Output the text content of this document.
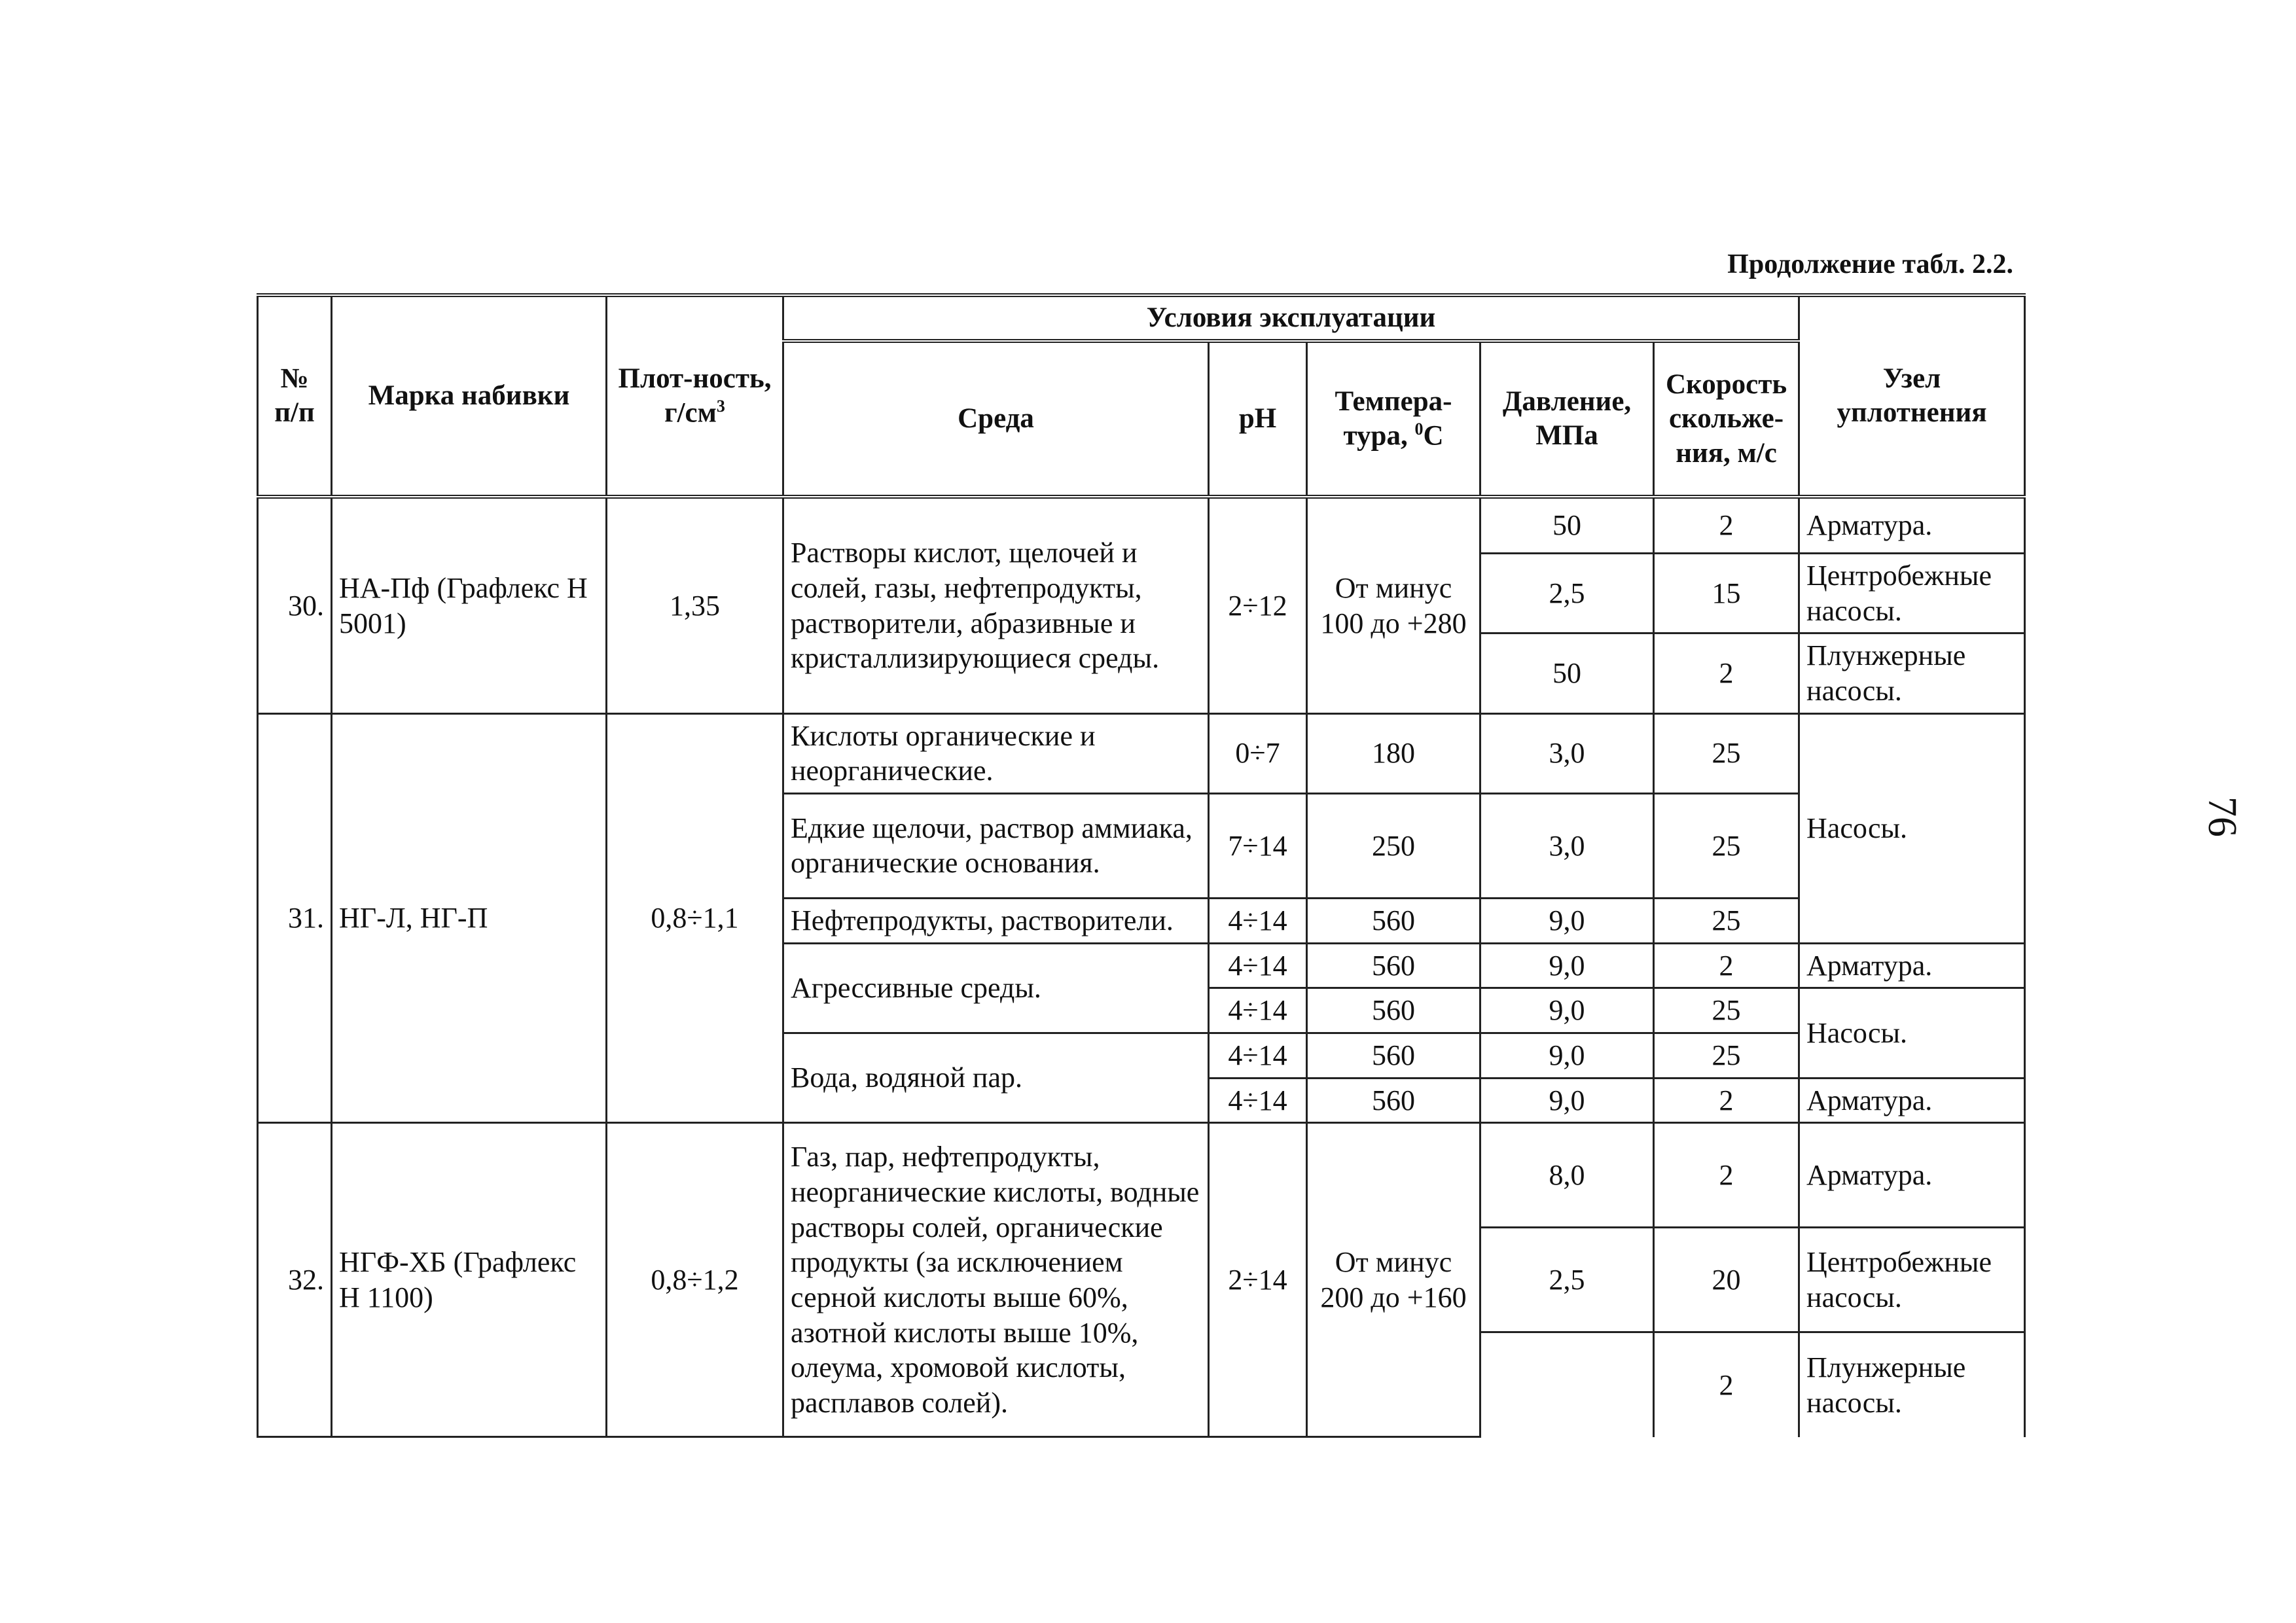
Продолжение табл. 2.2.
76
№ п/п	Марка набивки	Плот-ность, $г/см^3$	Условия эксплуатации					Узел уплотнения
			Среда	pH	Темпера-тура, $^0$С	Давление, МПа	Скорость скольже-ния, м/с	
30.	НА-Пф (Графлекс Н 5001)	1,35	Растворы кислот, щелочей и солей, газы, нефтепродукты, растворители, абразивные и кристаллизирующиеся среды.	2÷12	От минус 100 до +280	50	2	Арматура.
						2,5	15	Центробежные насосы.
						50	2	Плунжерные насосы.
31.	НГ-Л, НГ-П	0,8÷1,1	Кислоты органические и неорганические.	0÷7	180	3,0	25	Насосы.
			Едкие щелочи, раствор аммиака, органические основания.	7÷14	250	3,0	25	
			Нефтепродукты, растворители.	4÷14	560	9,0	25	
			Агрессивные среды.	4÷14	560	9,0	2	Арматура.
				4÷14	560	9,0	25	Насосы.
			Вода, водяной пар.	4÷14	560	9,0	25	
				4÷14	560	9,0	2	Арматура.
32.	НГФ-ХБ (Графлекс Н 1100)	0,8÷1,2	Газ, пар, нефтепродукты, неорганические кислоты, водные растворы солей, органические продукты (за исключением серной кислоты выше 60%, азотной кислоты выше 10%, олеума, хромовой кислоты, расплавов солей).	2÷14	От минус 200 до +160	8,0	2	Арматура.
						2,5	20	Центробежные насосы.
							2	Плунжерные насосы.
